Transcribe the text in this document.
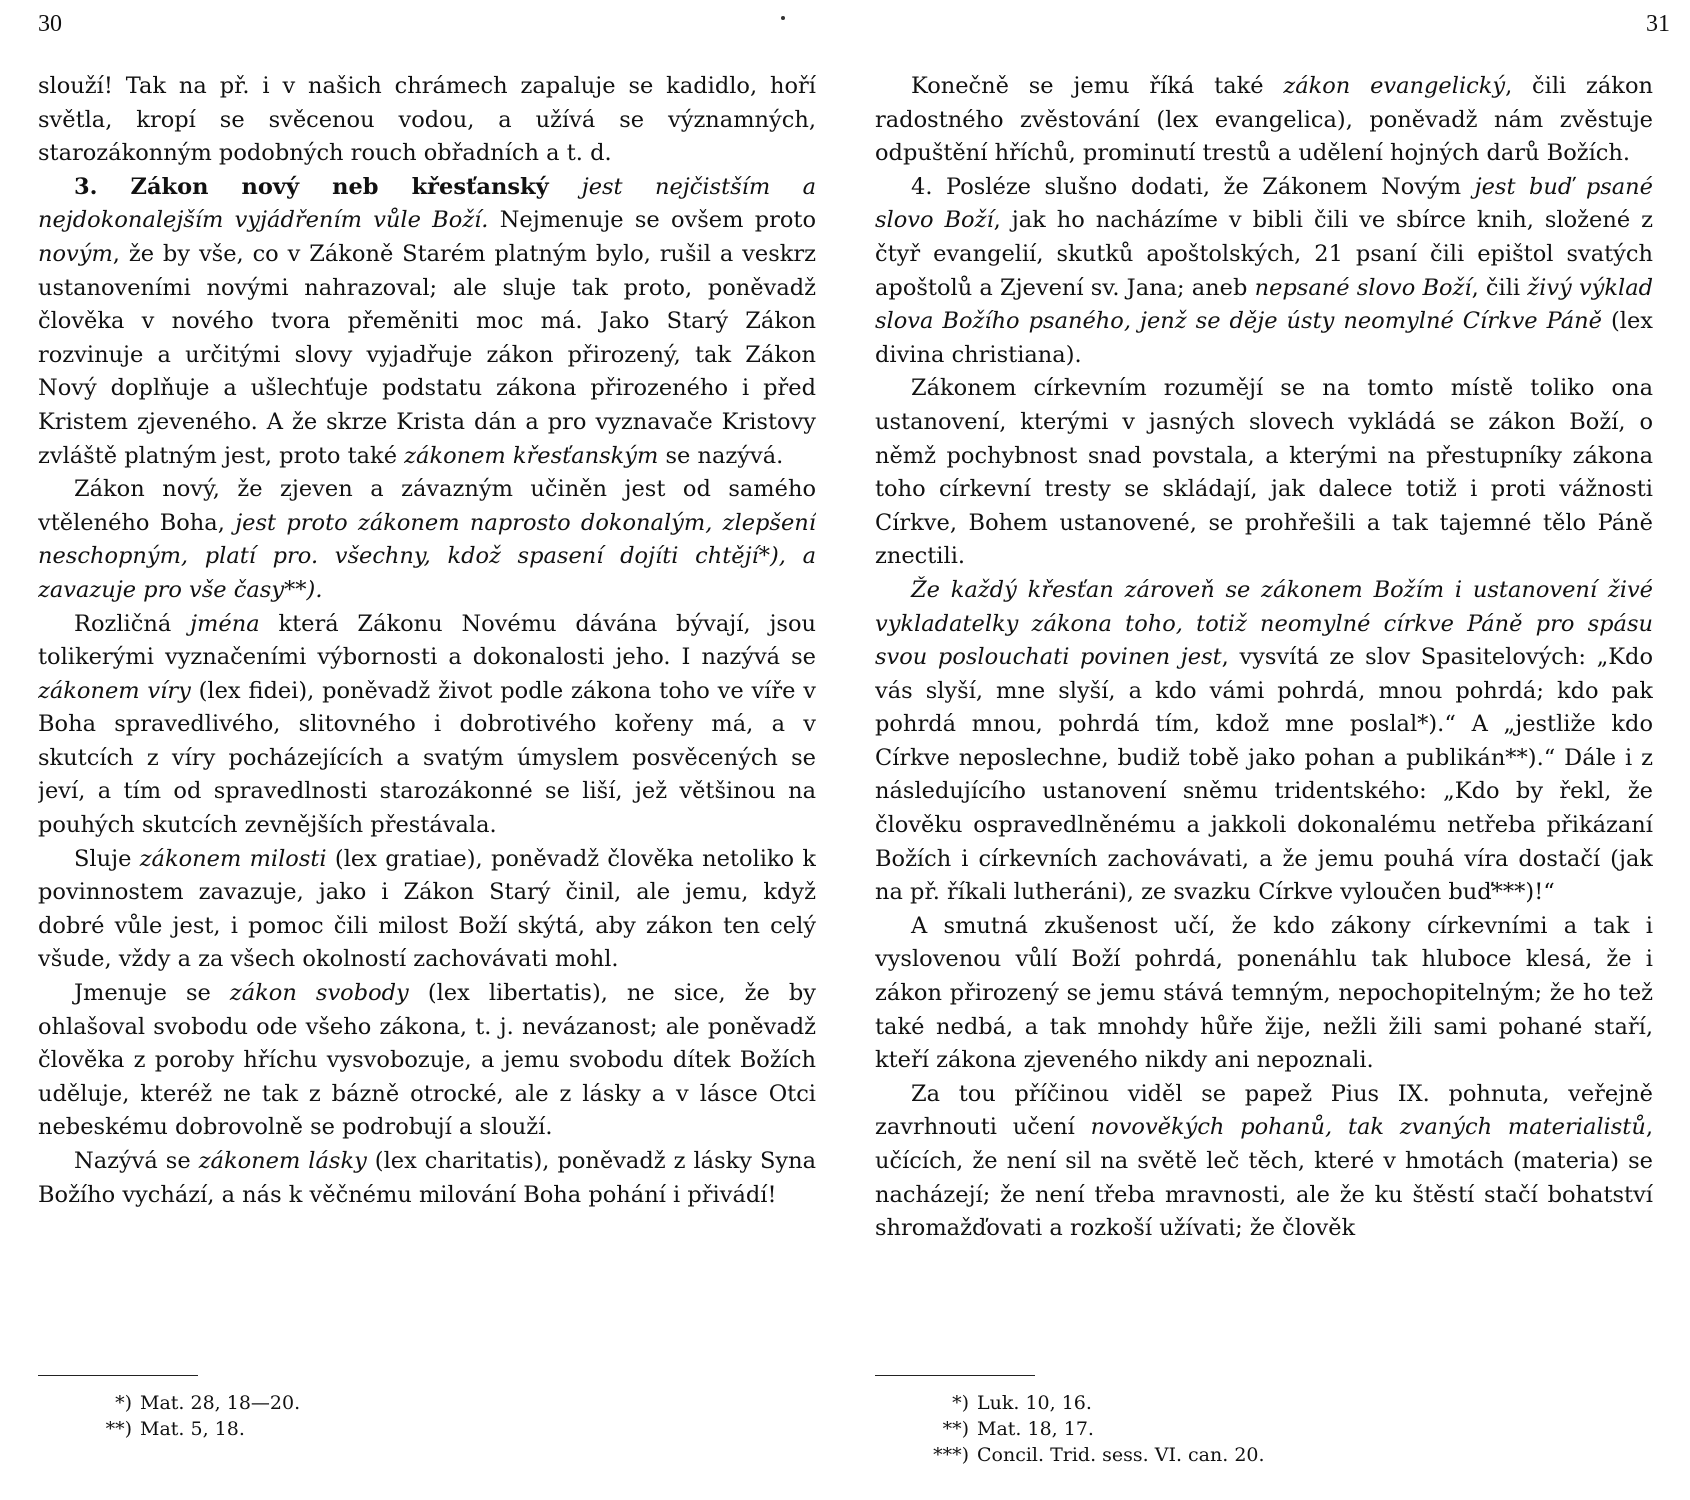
30	31

slouží! Tak na př. i v našich chrámech zapaluje se kadidlo, hoří světla, kropí se svěcenou vodou, a užívá se významných, starozákonným podobných rouch obřadních a t. d.

3. Zákon nový neb křesťanský jest nejčistším a nejdokonalejším vyjádřením vůle Boží. Nejmenuje se ovšem proto novým, že by vše, co v Zákoně Starém platným bylo, rušil a veskrz ustanoveními novými nahrazoval; ale sluje tak proto, poněvadž člověka v nového tvora přeměniti moc má. Jako Starý Zákon rozvinuje a určitými slovy vyjadřuje zákon přirozený, tak Zákon Nový doplňuje a ušlechťuje podstatu zákona přirozeného i před Kristem zjeveného. A že skrze Krista dán a pro vyznavače Kristovy zvláště platným jest, proto také zákonem křesťanským se nazývá.

Zákon nový, že zjeven a závazným učiněn jest od samého vtěleného Boha, jest proto zákonem naprosto dokonalým, zlepšení neschopným, platí pro. všechny, kdož spasení dojíti chtějí*), a zavazuje pro vše časy**).

Rozličná jména která Zákonu Novému dávána bývají, jsou tolikerými vyznačeními výbornosti a dokonalosti jeho. I nazývá se zákonem víry (lex fidei), poněvadž život podle zákona toho ve víře v Boha spravedlivého, slitovného i dobrotivého kořeny má, a v skutcích z víry pocházejících a svatým úmyslem posvěcených se jeví, a tím od spravedlnosti starozákonné se liší, jež většinou na pouhých skutcích zevnějších přestávala.

Sluje zákonem milosti (lex gratiae), poněvadž člověka netoliko k povinnostem zavazuje, jako i Zákon Starý činil, ale jemu, když dobré vůle jest, i pomoc čili milost Boží skýtá, aby zákon ten celý všude, vždy a za všech okolností zachovávati mohl.

Jmenuje se zákon svobody (lex libertatis), ne sice, že by ohlašoval svobodu ode všeho zákona, t. j. nevázanost; ale poněvadž člověka z poroby hříchu vysvobozuje, a jemu svobodu dítek Božích uděluje, kteréž ne tak z bázně otrocké, ale z lásky a v lásce Otci nebeskému dobrovolně se podrobují a slouží.

Nazývá se zákonem lásky (lex charitatis), poněvadž z lásky Syna Božího vychází, a nás k věčnému milování Boha pohání i přivádí!

*) Mat. 28, 18—20.
**) Mat. 5, 18.

Konečně se jemu říká také zákon evangelický, čili zákon radostného zvěstování (lex evangelica), poněvadž nám zvěstuje odpuštění hříchů, prominutí trestů a udělení hojných darů Božích.

4. Posléze slušno dodati, že Zákonem Novým jest buď psané slovo Boží, jak ho nacházíme v bibli čili ve sbírce knih, složené z čtyř evangelií, skutků apoštolských, 21 psaní čili epištol svatých apoštolů a Zjevení sv. Jana; aneb nepsané slovo Boží, čili živý výklad slova Božího psaného, jenž se děje ústy neomylné Církve Páně (lex divina christiana).

Zákonem církevním rozumějí se na tomto místě toliko ona ustanovení, kterými v jasných slovech vykládá se zákon Boží, o němž pochybnost snad povstala, a kterými na přestupníky zákona toho církevní tresty se skládají, jak dalece totiž i proti vážnosti Církve, Bohem ustanovené, se prohřešili a tak tajemné tělo Páně znectili.

Že každý křesťan zároveň se zákonem Božím i ustanovení živé vykladatelky zákona toho, totiž neomylné církve Páně pro spásu svou poslouchati povinen jest, vysvítá ze slov Spasitelových: „Kdo vás slyší, mne slyší, a kdo vámi pohrdá, mnou pohrdá; kdo pak pohrdá mnou, pohrdá tím, kdož mne poslal*).“ A „jestliže kdo Církve neposlechne, budiž tobě jako pohan a publikán**).“ Dále i z následujícího ustanovení sněmu tridentského: „Kdo by řekl, že člověku ospravedlněnému a jakkoli dokonalému netřeba přikázaní Božích i církevních zachovávati, a že jemu pouhá víra dostačí (jak na př. říkali lutheráni), ze svazku Církve vyloučen buď***)!“

A smutná zkušenost učí, že kdo zákony církevními a tak i vyslovenou vůlí Boží pohrdá, ponenáhlu tak hluboce klesá, že i zákon přirozený se jemu stává temným, nepochopitelným; že ho tež také nedbá, a tak mnohdy hůře žije, nežli žili sami pohané staří, kteří zákona zjeveného nikdy ani nepoznali.

Za tou příčinou viděl se papež Pius IX. pohnuta, veřejně zavrhnouti učení novověkých pohanů, tak zvaných materialistů, učících, že není sil na světě leč těch, které v hmotách (materia) se nacházejí; že není třeba mravnosti, ale že ku štěstí stačí bohatství shromažďovati a rozkoší užívati; že člověk

*) Luk. 10, 16.
**) Mat. 18, 17.
***) Concil. Trid. sess. VI. can. 20.
